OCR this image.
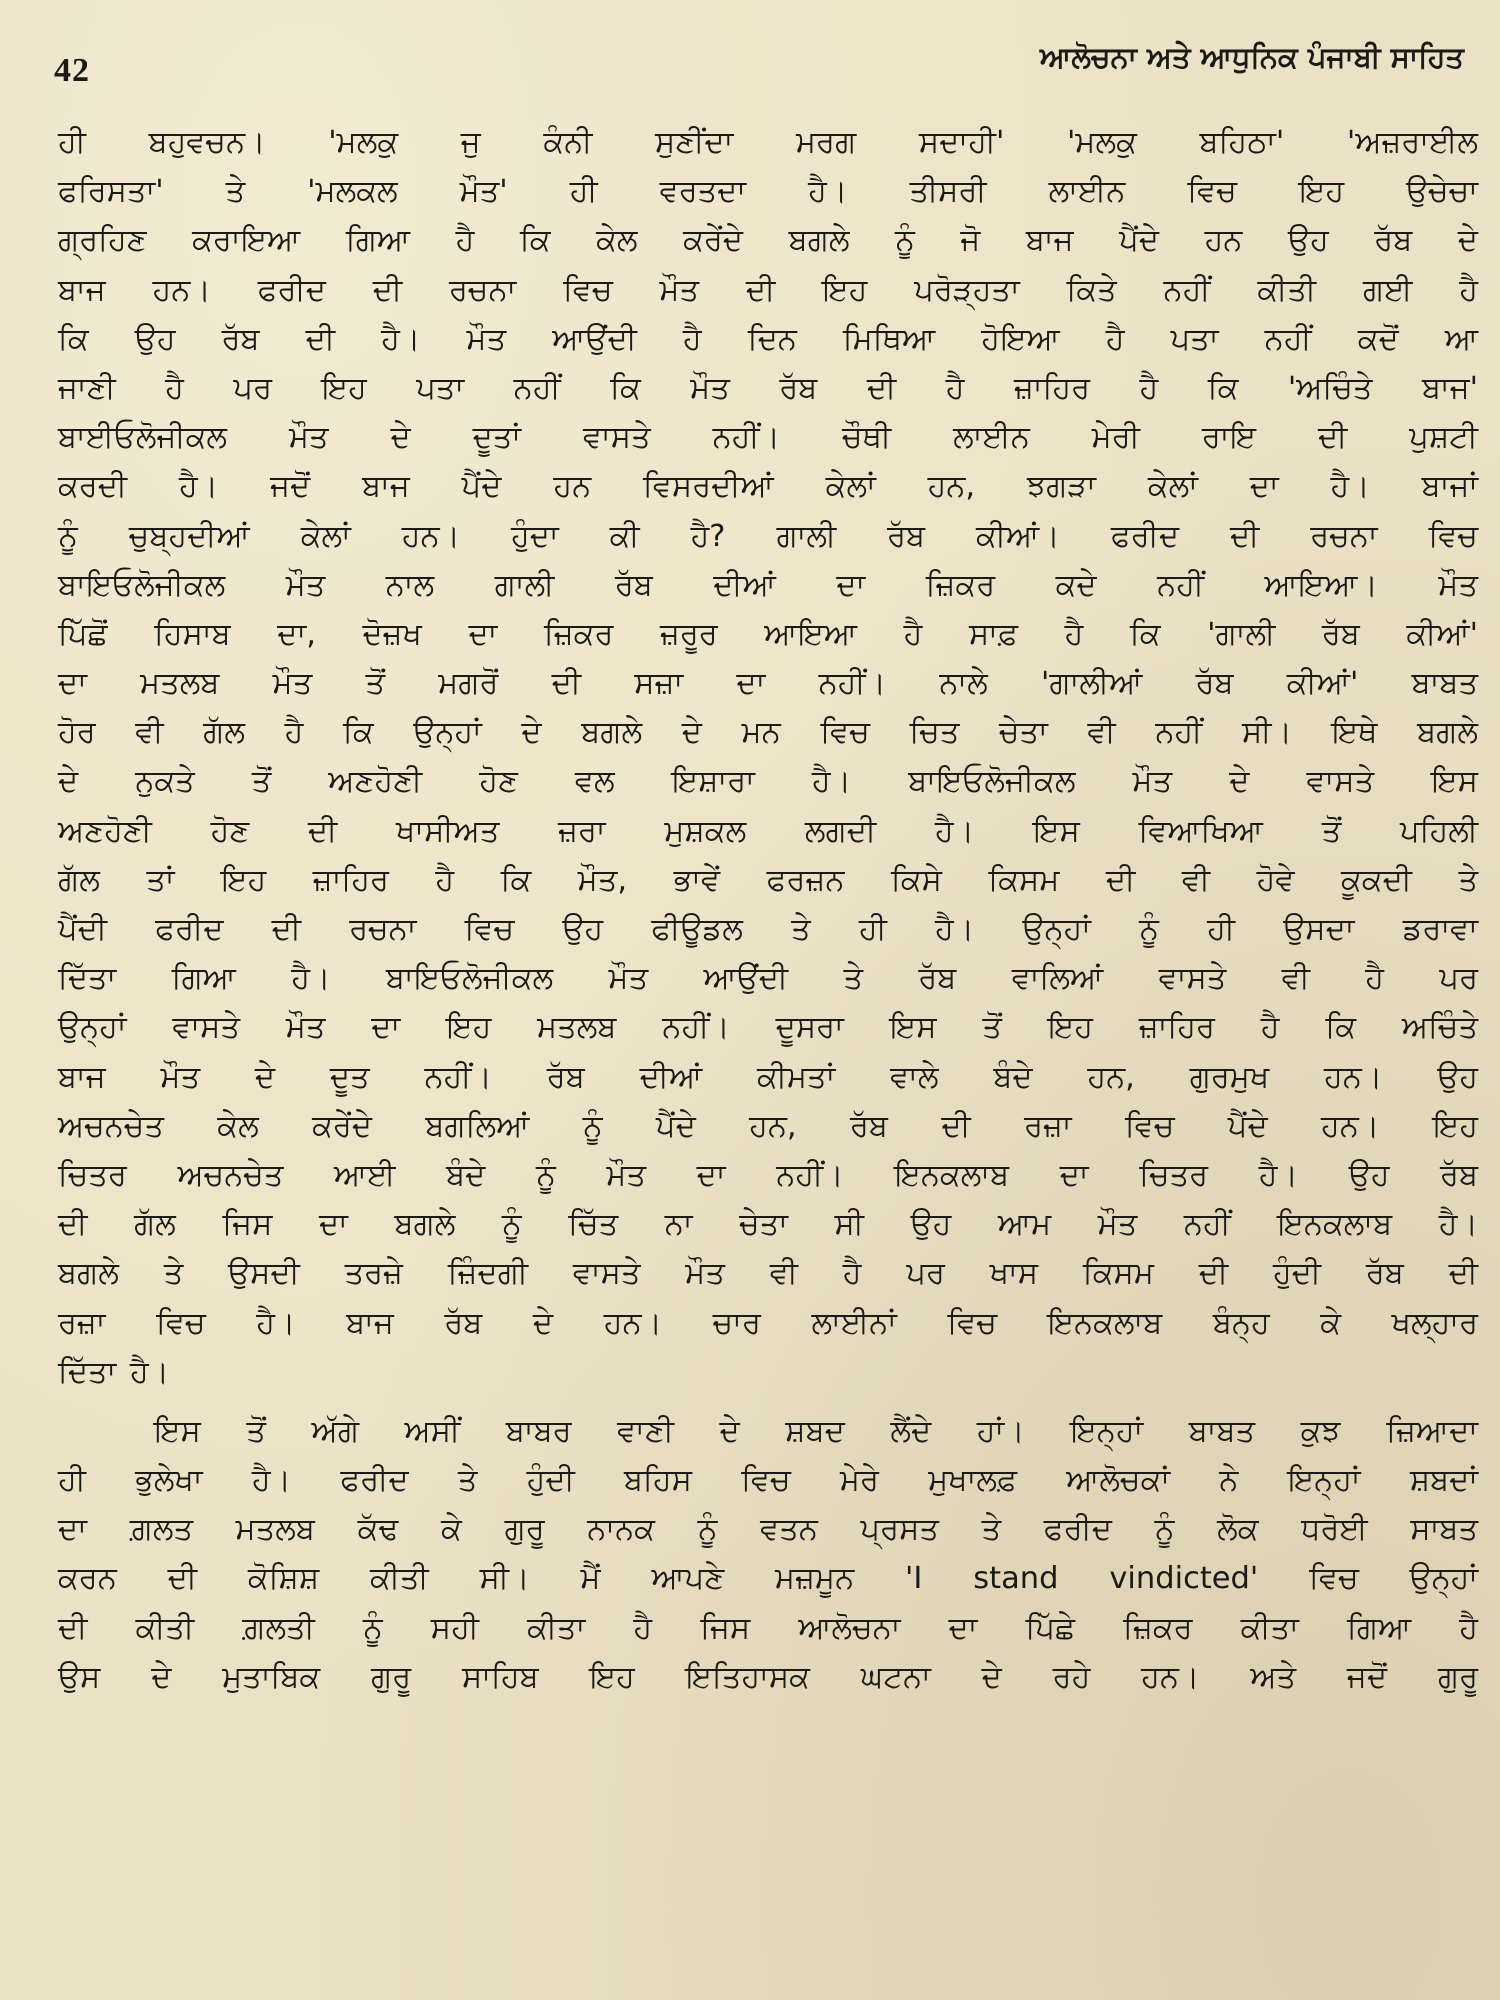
42	ਆਲੋਚਨਾ ਅਤੇ ਆਧੁਨਿਕ ਪੰਜਾਬੀ ਸਾਹਿਤ
ਹੀ ਬਹੁਵਚਨ। 'ਮਲਕੁ ਜੁ ਕੰਨੀ ਸੁਣੀਂਦਾ ਮਰਗ ਸਦਾਹੀ' 'ਮਲਕੁ ਬਹਿਠਾ' 'ਅਜ਼ਰਾਈਲ
ਫਰਿਸਤਾ' ਤੇ 'ਮਲਕਲ ਮੌਤ' ਹੀ ਵਰਤਦਾ ਹੈ। ਤੀਸਰੀ ਲਾਈਨ ਵਿਚ ਇਹ ਉਚੇਚਾ
ਗ੍ਰਹਿਣ ਕਰਾਇਆ ਗਿਆ ਹੈ ਕਿ ਕੇਲ ਕਰੇਂਦੇ ਬਗਲੇ ਨੂੰ ਜੋ ਬਾਜ ਪੈਂਦੇ ਹਨ ਉਹ ਰੱਬ ਦੇ
ਬਾਜ ਹਨ। ਫਰੀਦ ਦੀ ਰਚਨਾ ਵਿਚ ਮੌਤ ਦੀ ਇਹ ਪਰੋੜ੍ਹਤਾ ਕਿਤੇ ਨਹੀਂ ਕੀਤੀ ਗਈ ਹੈ
ਕਿ ਉਹ ਰੱਬ ਦੀ ਹੈ। ਮੌਤ ਆਉਂਦੀ ਹੈ ਦਿਨ ਮਿਥਿਆ ਹੋਇਆ ਹੈ ਪਤਾ ਨਹੀਂ ਕਦੋਂ ਆ
ਜਾਣੀ ਹੈ ਪਰ ਇਹ ਪਤਾ ਨਹੀਂ ਕਿ ਮੌਤ ਰੱਬ ਦੀ ਹੈ ਜ਼ਾਹਿਰ ਹੈ ਕਿ 'ਅਚਿੰਤੇ ਬਾਜ'
ਬਾਈਓਲੋਜੀਕਲ ਮੌਤ ਦੇ ਦੂਤਾਂ ਵਾਸਤੇ ਨਹੀਂ। ਚੌਥੀ ਲਾਈਨ ਮੇਰੀ ਰਾਇ ਦੀ ਪੁਸ਼ਟੀ
ਕਰਦੀ ਹੈ। ਜਦੋਂ ਬਾਜ ਪੈਂਦੇ ਹਨ ਵਿਸਰਦੀਆਂ ਕੇਲਾਂ ਹਨ, ਝਗੜਾ ਕੇਲਾਂ ਦਾ ਹੈ। ਬਾਜਾਂ
ਨੂੰ ਚੁਬ੍ਹਦੀਆਂ ਕੇਲਾਂ ਹਨ। ਹੁੰਦਾ ਕੀ ਹੈ? ਗਾਲੀ ਰੱਬ ਕੀਆਂ। ਫਰੀਦ ਦੀ ਰਚਨਾ ਵਿਚ
ਬਾਇਓਲੋਜੀਕਲ ਮੌਤ ਨਾਲ ਗਾਲੀ ਰੱਬ ਦੀਆਂ ਦਾ ਜ਼ਿਕਰ ਕਦੇ ਨਹੀਂ ਆਇਆ। ਮੌਤ
ਪਿੱਛੋਂ ਹਿਸਾਬ ਦਾ, ਦੋਜ਼ਖ ਦਾ ਜ਼ਿਕਰ ਜ਼ਰੂਰ ਆਇਆ ਹੈ ਸਾਫ਼ ਹੈ ਕਿ 'ਗਾਲੀ ਰੱਬ ਕੀਆਂ'
ਦਾ ਮਤਲਬ ਮੌਤ ਤੋਂ ਮਗਰੋਂ ਦੀ ਸਜ਼ਾ ਦਾ ਨਹੀਂ। ਨਾਲੇ 'ਗਾਲੀਆਂ ਰੱਬ ਕੀਆਂ' ਬਾਬਤ
ਹੋਰ ਵੀ ਗੱਲ ਹੈ ਕਿ ਉਨ੍ਹਾਂ ਦੇ ਬਗਲੇ ਦੇ ਮਨ ਵਿਚ ਚਿਤ ਚੇਤਾ ਵੀ ਨਹੀਂ ਸੀ। ਇਥੇ ਬਗਲੇ
ਦੇ ਨੁਕਤੇ ਤੋਂ ਅਣਹੋਣੀ ਹੋਣ ਵਲ ਇਸ਼ਾਰਾ ਹੈ। ਬਾਇਓਲੋਜੀਕਲ ਮੌਤ ਦੇ ਵਾਸਤੇ ਇਸ
ਅਣਹੋਣੀ ਹੋਣ ਦੀ ਖਾਸੀਅਤ ਜ਼ਰਾ ਮੁਸ਼ਕਲ ਲਗਦੀ ਹੈ। ਇਸ ਵਿਆਖਿਆ ਤੋਂ ਪਹਿਲੀ
ਗੱਲ ਤਾਂ ਇਹ ਜ਼ਾਹਿਰ ਹੈ ਕਿ ਮੌਤ, ਭਾਵੇਂ ਫਰਜ਼ਨ ਕਿਸੇ ਕਿਸਮ ਦੀ ਵੀ ਹੋਵੇ ਕੂਕਦੀ ਤੇ
ਪੈਂਦੀ ਫਰੀਦ ਦੀ ਰਚਨਾ ਵਿਚ ਉਹ ਫੀਊਡਲ ਤੇ ਹੀ ਹੈ। ਉਨ੍ਹਾਂ ਨੂੰ ਹੀ ਉਸਦਾ ਡਰਾਵਾ
ਦਿੱਤਾ ਗਿਆ ਹੈ। ਬਾਇਓਲੋਜੀਕਲ ਮੌਤ ਆਉਂਦੀ ਤੇ ਰੱਬ ਵਾਲਿਆਂ ਵਾਸਤੇ ਵੀ ਹੈ ਪਰ
ਉਨ੍ਹਾਂ ਵਾਸਤੇ ਮੌਤ ਦਾ ਇਹ ਮਤਲਬ ਨਹੀਂ। ਦੂਸਰਾ ਇਸ ਤੋਂ ਇਹ ਜ਼ਾਹਿਰ ਹੈ ਕਿ ਅਚਿੰਤੇ
ਬਾਜ ਮੌਤ ਦੇ ਦੂਤ ਨਹੀਂ। ਰੱਬ ਦੀਆਂ ਕੀਮਤਾਂ ਵਾਲੇ ਬੰਦੇ ਹਨ, ਗੁਰਮੁਖ ਹਨ। ਉਹ
ਅਚਨਚੇਤ ਕੇਲ ਕਰੇਂਦੇ ਬਗਲਿਆਂ ਨੂੰ ਪੈਂਦੇ ਹਨ, ਰੱਬ ਦੀ ਰਜ਼ਾ ਵਿਚ ਪੈਂਦੇ ਹਨ। ਇਹ
ਚਿਤਰ ਅਚਨਚੇਤ ਆਈ ਬੰਦੇ ਨੂੰ ਮੌਤ ਦਾ ਨਹੀਂ। ਇਨਕਲਾਬ ਦਾ ਚਿਤਰ ਹੈ। ਉਹ ਰੱਬ
ਦੀ ਗੱਲ ਜਿਸ ਦਾ ਬਗਲੇ ਨੂੰ ਚਿੱਤ ਨਾ ਚੇਤਾ ਸੀ ਉਹ ਆਮ ਮੌਤ ਨਹੀਂ ਇਨਕਲਾਬ ਹੈ।
ਬਗਲੇ ਤੇ ਉਸਦੀ ਤਰਜ਼ੇ ਜ਼ਿੰਦਗੀ ਵਾਸਤੇ ਮੌਤ ਵੀ ਹੈ ਪਰ ਖਾਸ ਕਿਸਮ ਦੀ ਹੁੰਦੀ ਰੱਬ ਦੀ
ਰਜ਼ਾ ਵਿਚ ਹੈ। ਬਾਜ ਰੱਬ ਦੇ ਹਨ। ਚਾਰ ਲਾਈਨਾਂ ਵਿਚ ਇਨਕਲਾਬ ਬੰਨ੍ਹ ਕੇ ਖਲ੍ਹਾਰ
ਦਿੱਤਾ ਹੈ।
ਇਸ ਤੋਂ ਅੱਗੇ ਅਸੀਂ ਬਾਬਰ ਵਾਣੀ ਦੇ ਸ਼ਬਦ ਲੈਂਦੇ ਹਾਂ। ਇਨ੍ਹਾਂ ਬਾਬਤ ਕੁਝ ਜ਼ਿਆਦਾ
ਹੀ ਭੁਲੇਖਾ ਹੈ। ਫਰੀਦ ਤੇ ਹੁੰਦੀ ਬਹਿਸ ਵਿਚ ਮੇਰੇ ਮੁਖਾਲਫ਼ ਆਲੋਚਕਾਂ ਨੇ ਇਨ੍ਹਾਂ ਸ਼ਬਦਾਂ
ਦਾ ਗ਼ਲਤ ਮਤਲਬ ਕੱਢ ਕੇ ਗੁਰੂ ਨਾਨਕ ਨੂੰ ਵਤਨ ਪ੍ਰਸਤ ਤੇ ਫਰੀਦ ਨੂੰ ਲੋਕ ਧਰੋਈ ਸਾਬਤ
ਕਰਨ ਦੀ ਕੋਸ਼ਿਸ਼ ਕੀਤੀ ਸੀ। ਮੈਂ ਆਪਣੇ ਮਜ਼ਮੂਨ 'I stand vindicted' ਵਿਚ ਉਨ੍ਹਾਂ
ਦੀ ਕੀਤੀ ਗ਼ਲਤੀ ਨੂੰ ਸਹੀ ਕੀਤਾ ਹੈ ਜਿਸ ਆਲੋਚਨਾ ਦਾ ਪਿੱਛੇ ਜ਼ਿਕਰ ਕੀਤਾ ਗਿਆ ਹੈ
ਉਸ ਦੇ ਮੁਤਾਬਿਕ ਗੁਰੂ ਸਾਹਿਬ ਇਹ ਇਤਿਹਾਸਕ ਘਟਨਾ ਦੇ ਰਹੇ ਹਨ। ਅਤੇ ਜਦੋਂ ਗੁਰੂ
